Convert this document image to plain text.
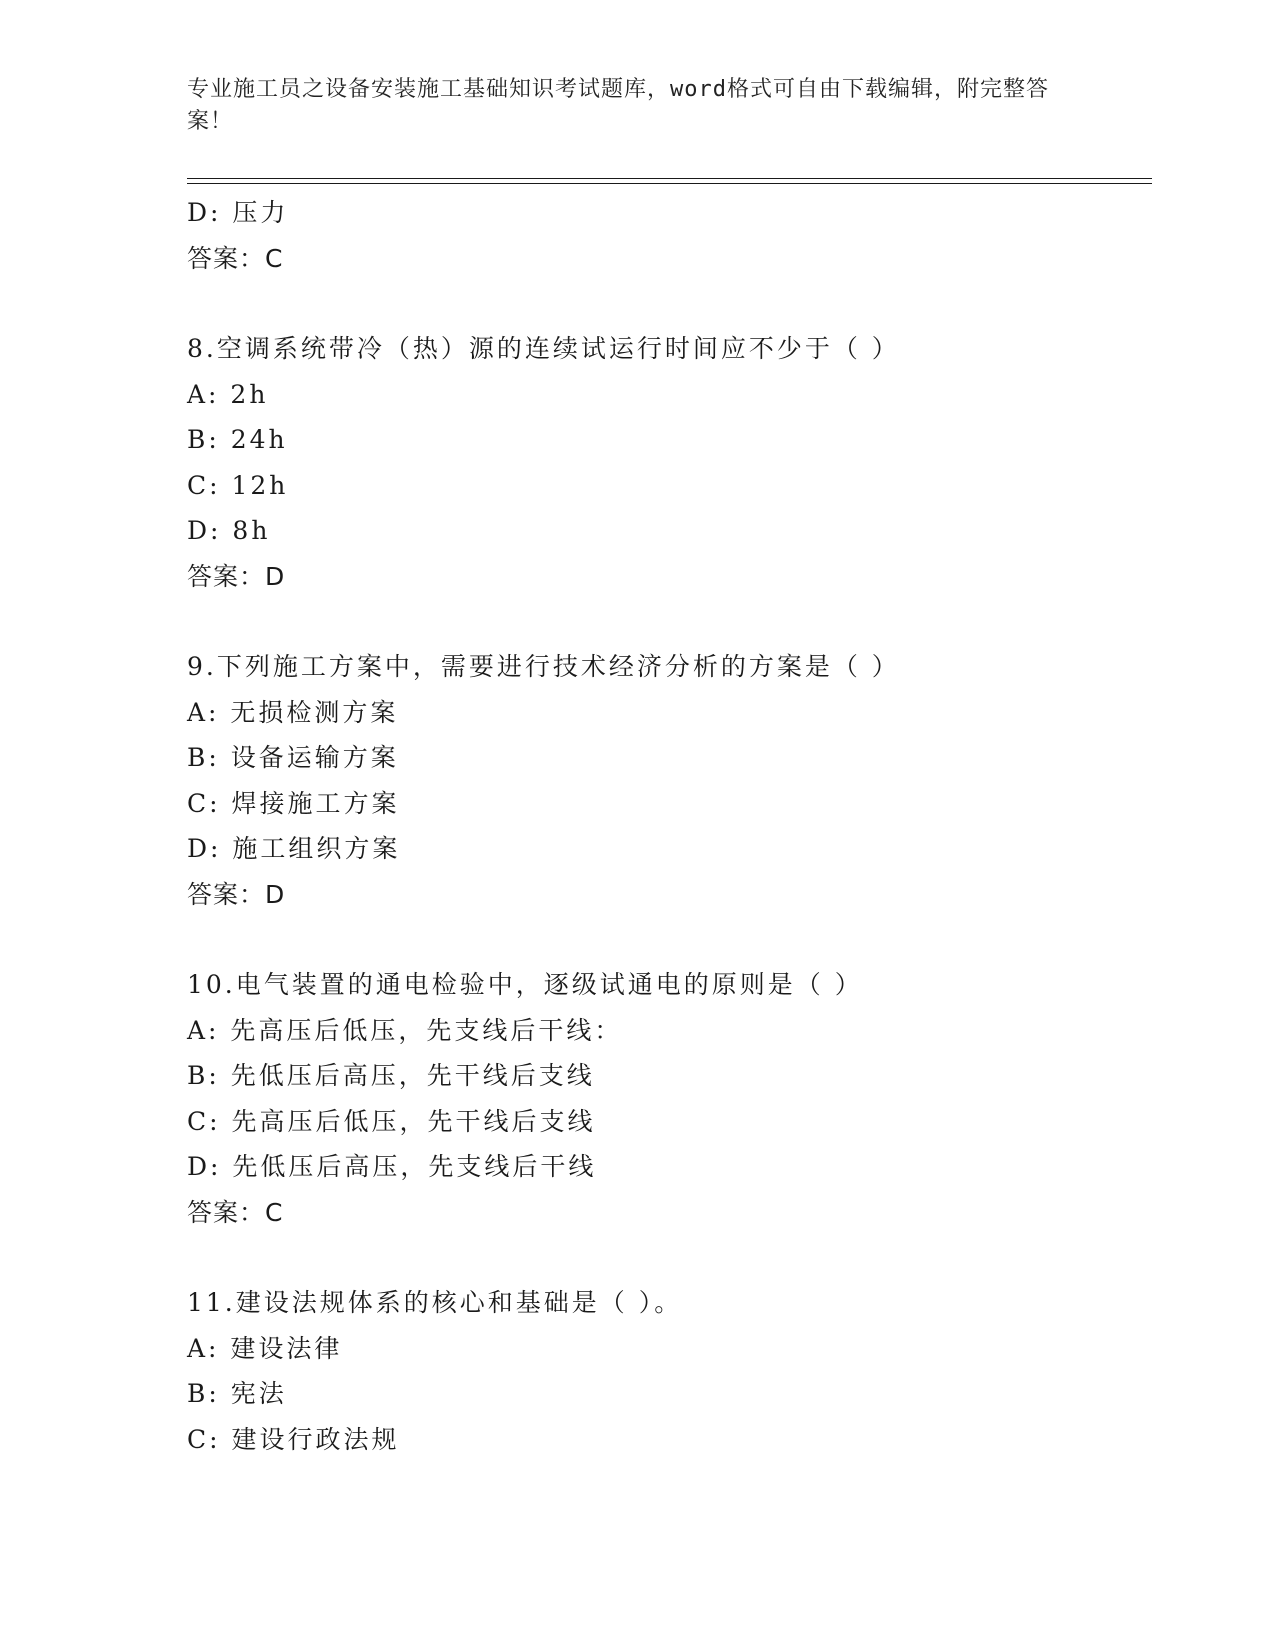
专业施工员之设备安装施工基础知识考试题库，word格式可自由下载编辑，附完整答案！
D: 压力
答案：C
8.空调系统带冷（热）源的连续试运行时间应不少于（ ）
A: 2h
B: 24h
C: 12h
D: 8h
答案：D
9.下列施工方案中，需要进行技术经济分析的方案是（ ）
A: 无损检测方案
B: 设备运输方案
C: 焊接施工方案
D: 施工组织方案
答案：D
10.电气装置的通电检验中，逐级试通电的原则是（ ）
A: 先高压后低压，先支线后干线：
B: 先低压后高压，先干线后支线
C: 先高压后低压，先干线后支线
D: 先低压后高压，先支线后干线
答案：C
11.建设法规体系的核心和基础是（ ）。
A: 建设法律
B: 宪法
C: 建设行政法规
